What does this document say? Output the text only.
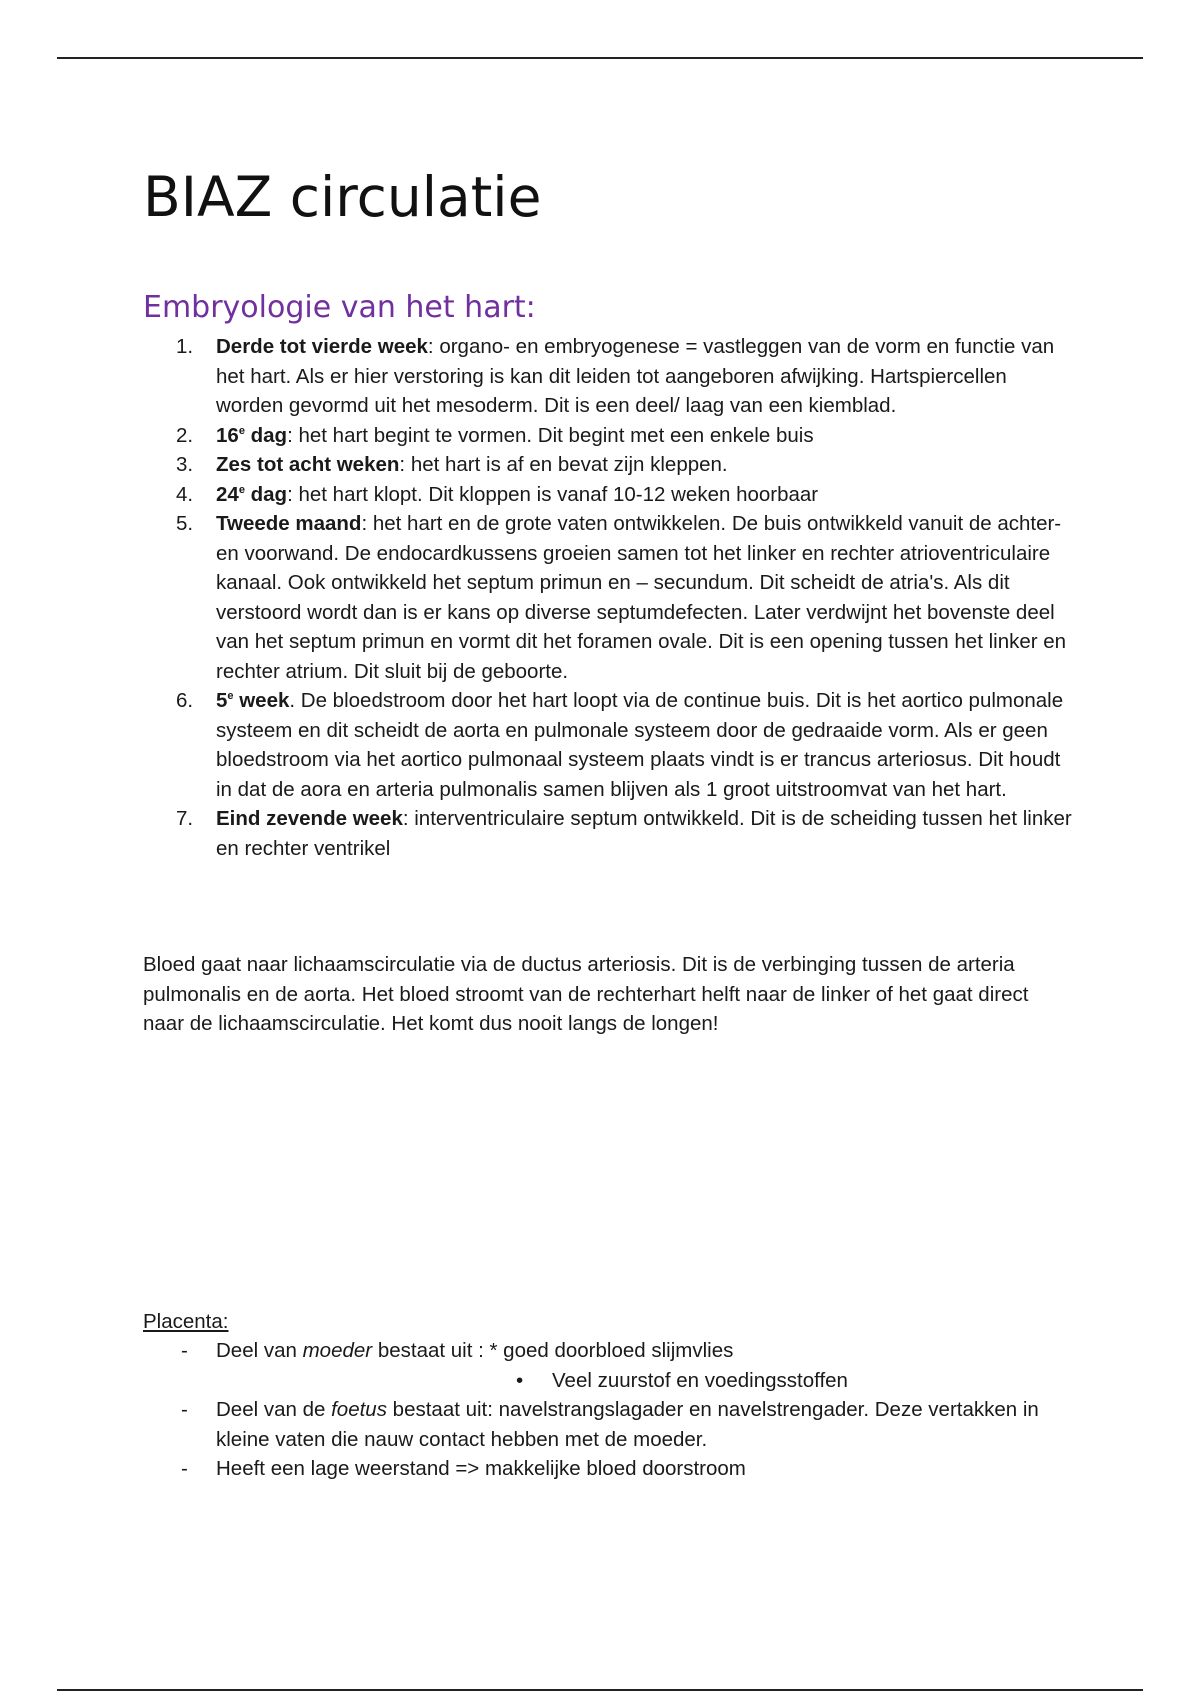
BIAZ circulatie
Embryologie van het hart:
1. Derde tot vierde week: organo- en embryogenese = vastleggen van de vorm en functie van het hart. Als er hier verstoring is kan dit leiden tot aangeboren afwijking. Hartspiercellen worden gevormd uit het mesoderm. Dit is een deel/ laag van een kiemblad.
2. 16e dag: het hart begint te vormen. Dit begint met een enkele buis
3. Zes tot acht weken: het hart is af en bevat zijn kleppen.
4. 24e dag: het hart klopt. Dit kloppen is vanaf 10-12 weken hoorbaar
5. Tweede maand: het hart en de grote vaten ontwikkelen. De buis ontwikkeld vanuit de achter- en voorwand. De endocardkussens groeien samen tot het linker en rechter atrioventriculaire kanaal. Ook ontwikkeld het septum primun en – secundum. Dit scheidt de atria's. Als dit verstoord wordt dan is er kans op diverse septumdefecten. Later verdwijnt het bovenste deel van het septum primun en vormt dit het foramen ovale. Dit is een opening tussen het linker en rechter atrium. Dit sluit bij de geboorte.
6. 5e week. De bloedstroom door het hart loopt via de continue buis. Dit is het aortico pulmonale systeem en dit scheidt de aorta en pulmonale systeem door de gedraaide vorm. Als er geen bloedstroom via het aortico pulmonaal systeem plaats vindt is er trancus arteriosus. Dit houdt in dat de aora en arteria pulmonalis samen blijven als 1 groot uitstroomvat van het hart.
7. Eind zevende week: interventriculaire septum ontwikkeld. Dit is de scheiding tussen het linker en rechter ventrikel

Bloed gaat naar lichaamscirculatie via de ductus arteriosis. Dit is de verbinging tussen de arteria pulmonalis en de aorta. Het bloed stroomt van de rechterhart helft naar de linker of het gaat direct naar de lichaamscirculatie. Het komt dus nooit langs de longen!

Placenta:

- Deel van moeder bestaat uit : * goed doorbloed slijmvlies
• Veel zuurstof en voedingsstoffen
- Deel van de foetus bestaat uit: navelstrangslagader en navelstrengader. Deze vertakken in kleine vaten die nauw contact hebben met de moeder.
- Heeft een lage weerstand => makkelijke bloed doorstroom
